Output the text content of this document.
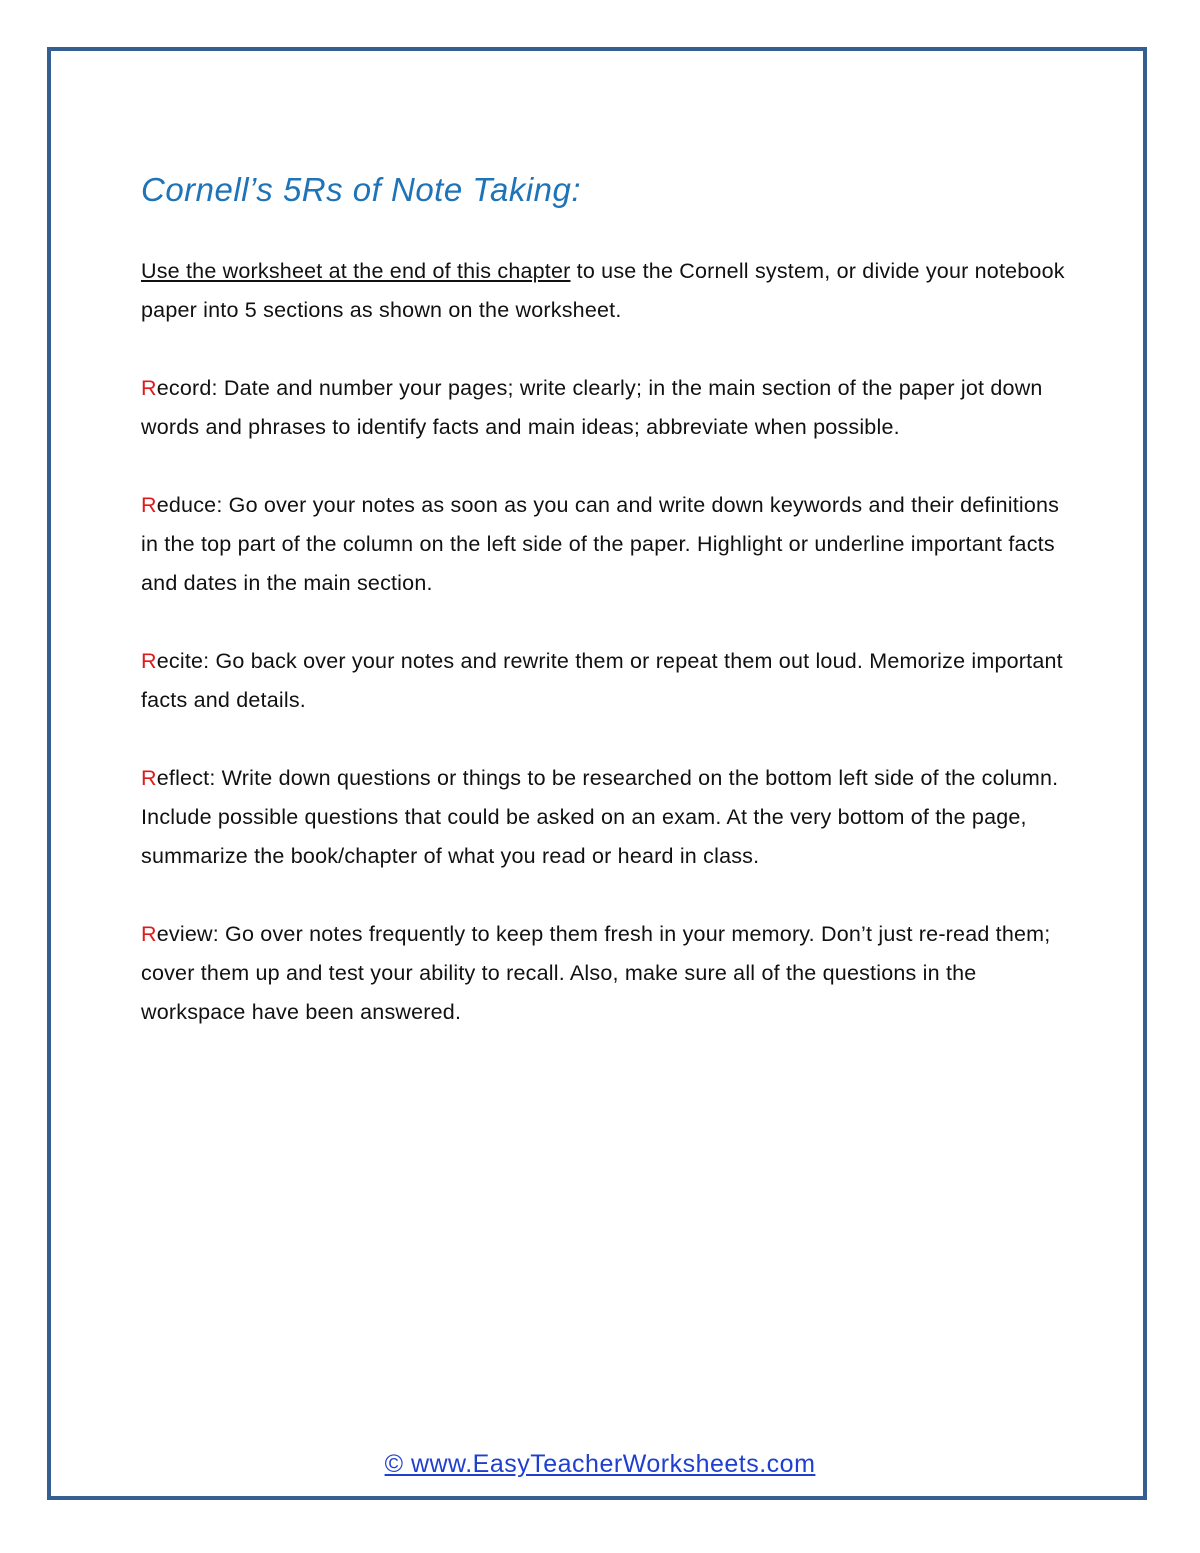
Cornell’s 5Rs of Note Taking:

Use the worksheet at the end of this chapter to use the Cornell system, or divide your notebook paper into 5 sections as shown on the worksheet.

Record: Date and number your pages; write clearly; in the main section of the paper jot down words and phrases to identify facts and main ideas; abbreviate when possible.

Reduce: Go over your notes as soon as you can and write down keywords and their definitions in the top part of the column on the left side of the paper. Highlight or underline important facts and dates in the main section.

Recite: Go back over your notes and rewrite them or repeat them out loud. Memorize important facts and details.

Reflect: Write down questions or things to be researched on the bottom left side of the column. Include possible questions that could be asked on an exam. At the very bottom of the page, summarize the book/chapter of what you read or heard in class.

Review: Go over notes frequently to keep them fresh in your memory. Don’t just re-read them; cover them up and test your ability to recall. Also, make sure all of the questions in the workspace have been answered.

© www.EasyTeacherWorksheets.com
